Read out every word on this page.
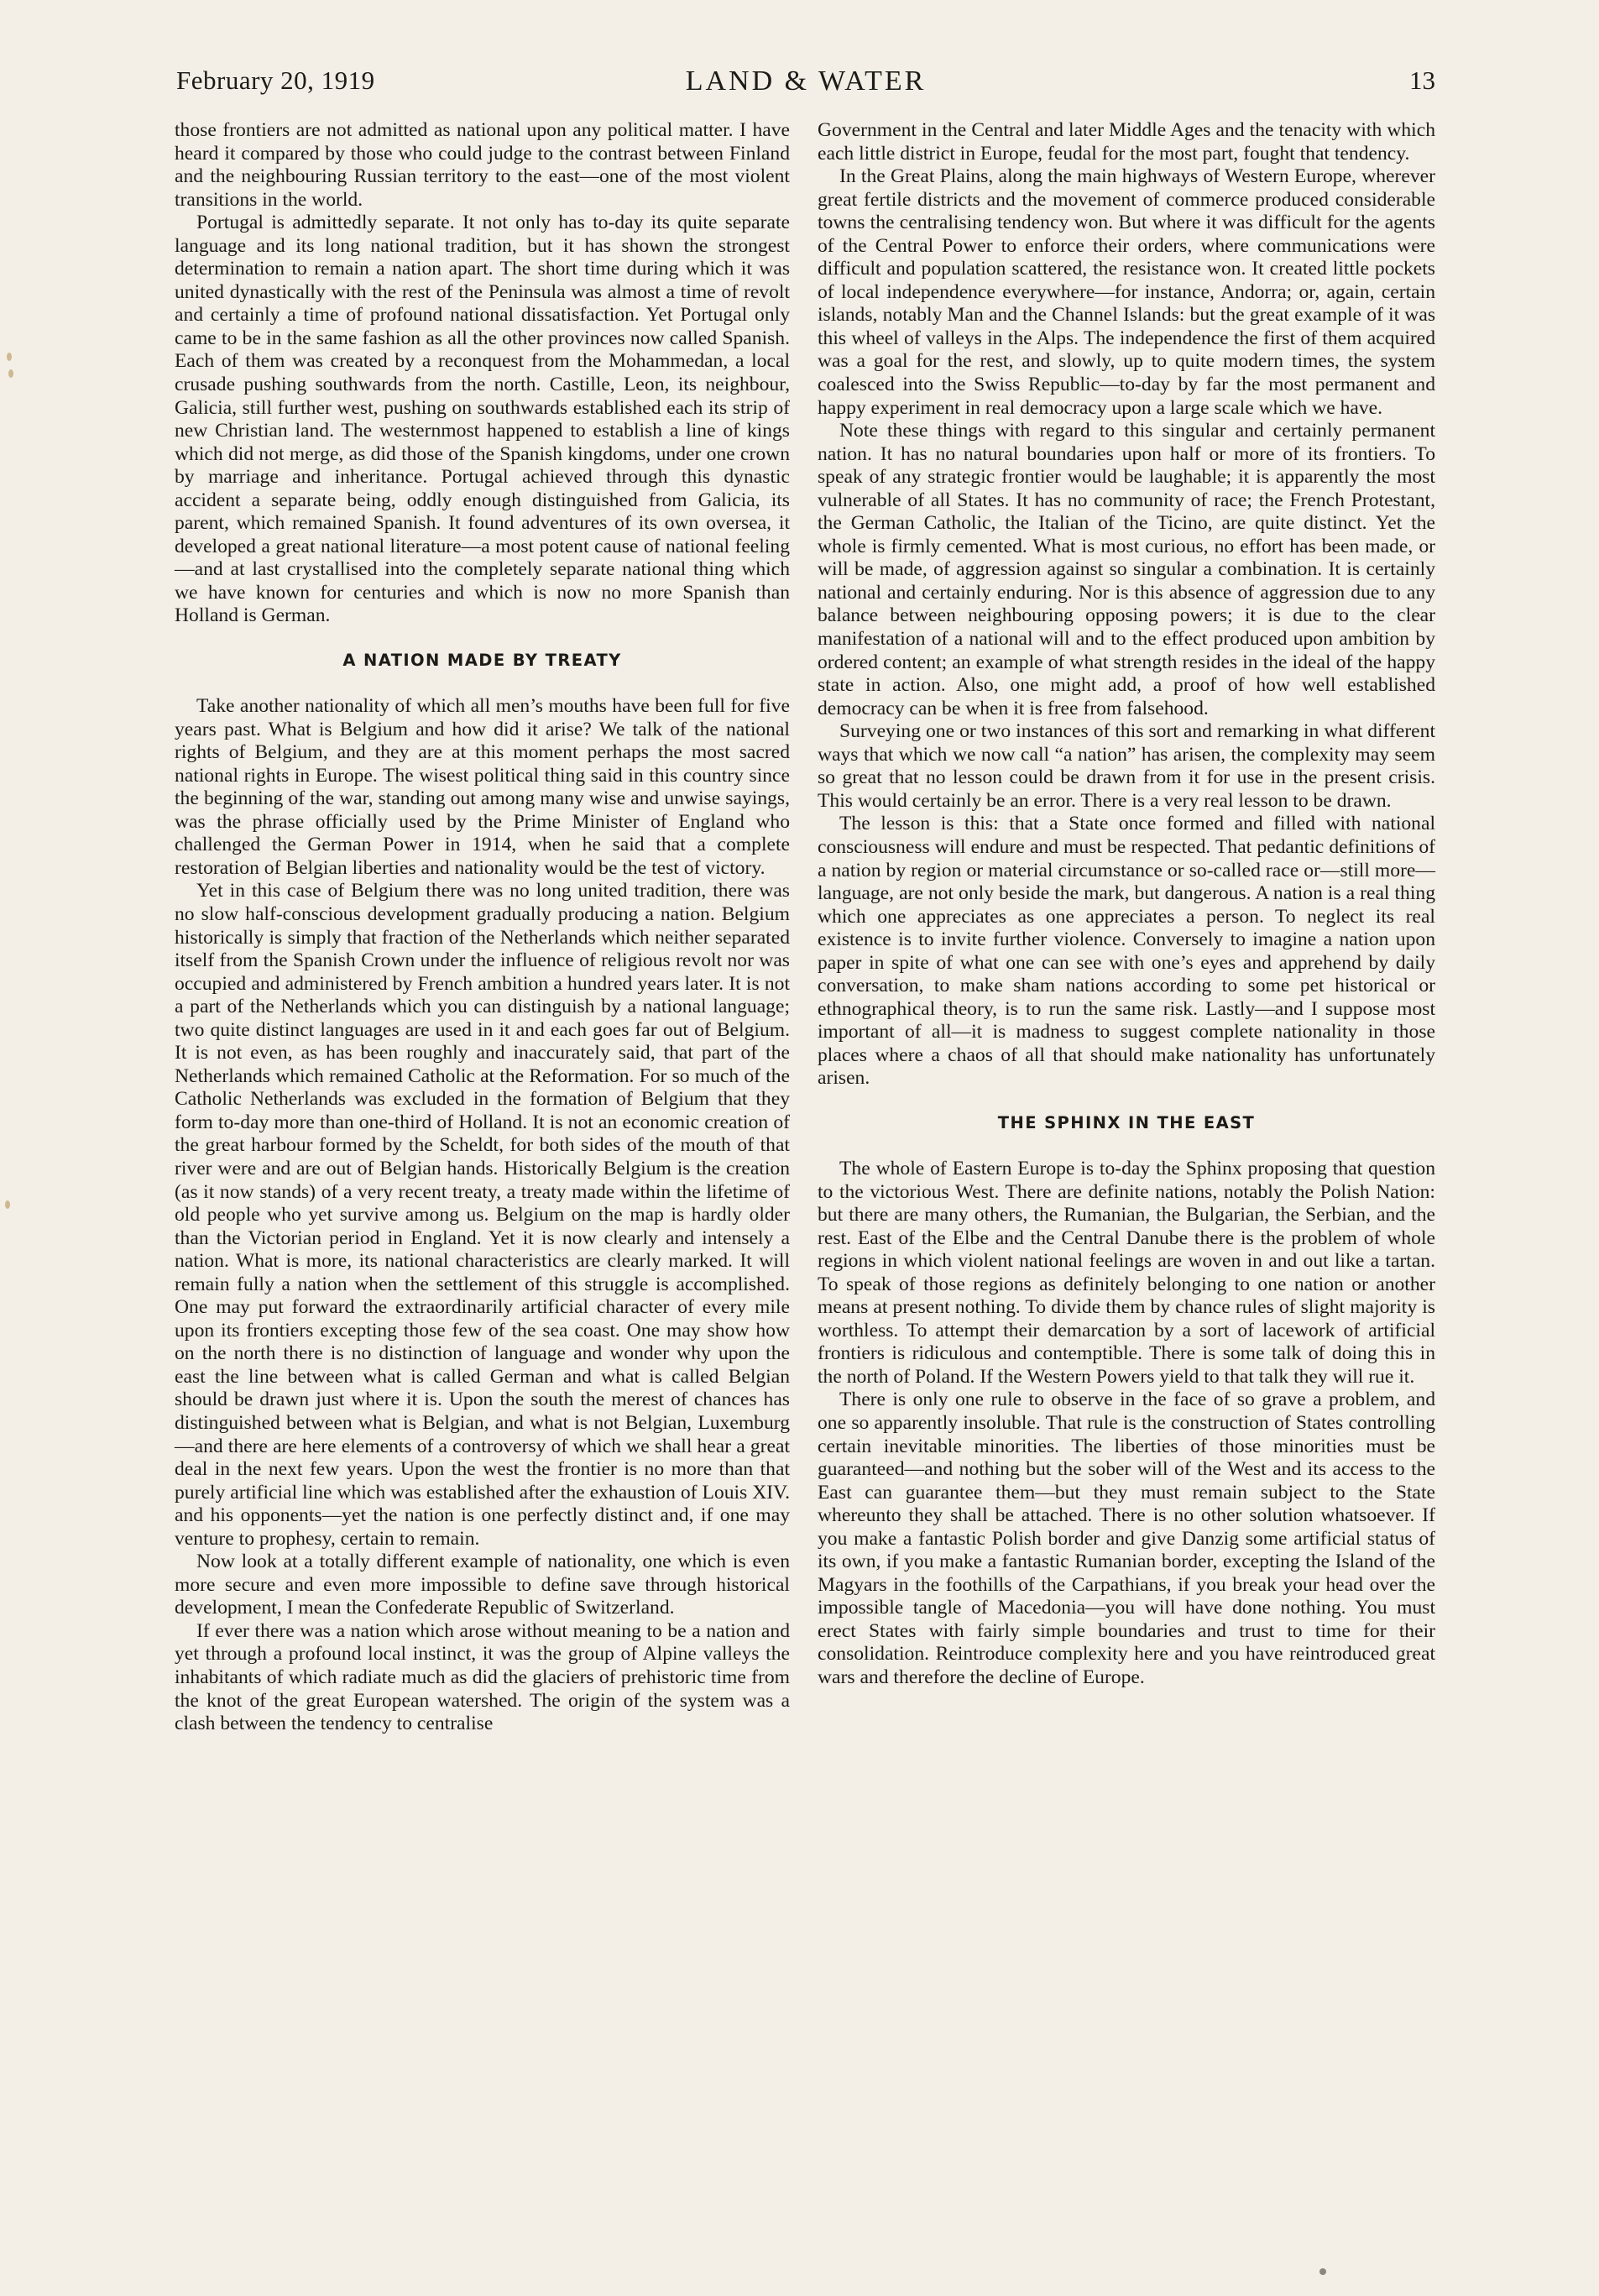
February 20, 1919	LAND & WATER	13

those frontiers are not admitted as national upon any political matter. I have heard it compared by those who could judge to the contrast between Finland and the neighbouring Russian territory to the east—one of the most violent transitions in the world.

Portugal is admittedly separate. It not only has to-day its quite separate language and its long national tradition, but it has shown the strongest determination to remain a nation apart. The short time during which it was united dynastically with the rest of the Peninsula was almost a time of revolt and certainly a time of profound national dissatisfaction. Yet Portugal only came to be in the same fashion as all the other provinces now called Spanish. Each of them was created by a reconquest from the Mohammedan, a local crusade pushing southwards from the north. Castille, Leon, its neighbour, Galicia, still further west, pushing on southwards established each its strip of new Christian land. The westernmost happened to establish a line of kings which did not merge, as did those of the Spanish kingdoms, under one crown by marriage and inheritance. Portugal achieved through this dynastic accident a separate being, oddly enough distinguished from Galicia, its parent, which remained Spanish. It found adventures of its own oversea, it developed a great national literature—a most potent cause of national feeling—and at last crystallised into the completely separate national thing which we have known for centuries and which is now no more Spanish than Holland is German.

A NATION MADE BY TREATY

Take another nationality of which all men’s mouths have been full for five years past. What is Belgium and how did it arise? We talk of the national rights of Belgium, and they are at this moment perhaps the most sacred national rights in Europe. The wisest political thing said in this country since the beginning of the war, standing out among many wise and unwise sayings, was the phrase officially used by the Prime Minister of England who challenged the German Power in 1914, when he said that a complete restoration of Belgian liberties and nationality would be the test of victory.

Yet in this case of Belgium there was no long united tradition, there was no slow half-conscious development gradually producing a nation. Belgium historically is simply that fraction of the Netherlands which neither separated itself from the Spanish Crown under the influence of religious revolt nor was occupied and administered by French ambition a hundred years later. It is not a part of the Netherlands which you can distinguish by a national language; two quite distinct languages are used in it and each goes far out of Belgium. It is not even, as has been roughly and inaccurately said, that part of the Netherlands which remained Catholic at the Reformation. For so much of the Catholic Netherlands was excluded in the formation of Belgium that they form to-day more than one-third of Holland. It is not an economic creation of the great harbour formed by the Scheldt, for both sides of the mouth of that river were and are out of Belgian hands. Historically Belgium is the creation (as it now stands) of a very recent treaty, a treaty made within the lifetime of old people who yet survive among us. Belgium on the map is hardly older than the Victorian period in England. Yet it is now clearly and intensely a nation. What is more, its national characteristics are clearly marked. It will remain fully a nation when the settlement of this struggle is accomplished. One may put forward the extraordinarily artificial character of every mile upon its frontiers excepting those few of the sea coast. One may show how on the north there is no distinction of language and wonder why upon the east the line between what is called German and what is called Belgian should be drawn just where it is. Upon the south the merest of chances has distinguished between what is Belgian, and what is not Belgian, Luxemburg—and there are here elements of a controversy of which we shall hear a great deal in the next few years. Upon the west the frontier is no more than that purely artificial line which was established after the exhaustion of Louis XIV. and his opponents—yet the nation is one perfectly distinct and, if one may venture to prophesy, certain to remain.

Now look at a totally different example of nationality, one which is even more secure and even more impossible to define save through historical development, I mean the Confederate Republic of Switzerland.

If ever there was a nation which arose without meaning to be a nation and yet through a profound local instinct, it was the group of Alpine valleys the inhabitants of which radiate much as did the glaciers of prehistoric time from the knot of the great European watershed. The origin of the system was a clash between the tendency to centralise

Government in the Central and later Middle Ages and the tenacity with which each little district in Europe, feudal for the most part, fought that tendency.

In the Great Plains, along the main highways of Western Europe, wherever great fertile districts and the movement of commerce produced considerable towns the centralising tendency won. But where it was difficult for the agents of the Central Power to enforce their orders, where communications were difficult and population scattered, the resistance won. It created little pockets of local independence everywhere—for instance, Andorra; or, again, certain islands, notably Man and the Channel Islands: but the great example of it was this wheel of valleys in the Alps. The independence the first of them acquired was a goal for the rest, and slowly, up to quite modern times, the system coalesced into the Swiss Republic—to-day by far the most permanent and happy experiment in real democracy upon a large scale which we have.

Note these things with regard to this singular and certainly permanent nation. It has no natural boundaries upon half or more of its frontiers. To speak of any strategic frontier would be laughable; it is apparently the most vulnerable of all States. It has no community of race; the French Protestant, the German Catholic, the Italian of the Ticino, are quite distinct. Yet the whole is firmly cemented. What is most curious, no effort has been made, or will be made, of aggression against so singular a combination. It is certainly national and certainly enduring. Nor is this absence of aggression due to any balance between neighbouring opposing powers; it is due to the clear manifestation of a national will and to the effect produced upon ambition by ordered content; an example of what strength resides in the ideal of the happy state in action. Also, one might add, a proof of how well established democracy can be when it is free from falsehood.

Surveying one or two instances of this sort and remarking in what different ways that which we now call “a nation” has arisen, the complexity may seem so great that no lesson could be drawn from it for use in the present crisis. This would certainly be an error. There is a very real lesson to be drawn.

The lesson is this: that a State once formed and filled with national consciousness will endure and must be respected. That pedantic definitions of a nation by region or material circumstance or so-called race or—still more—language, are not only beside the mark, but dangerous. A nation is a real thing which one appreciates as one appreciates a person. To neglect its real existence is to invite further violence. Conversely to imagine a nation upon paper in spite of what one can see with one’s eyes and apprehend by daily conversation, to make sham nations according to some pet historical or ethnographical theory, is to run the same risk. Lastly—and I suppose most important of all—it is madness to suggest complete nationality in those places where a chaos of all that should make nationality has unfortunately arisen.

THE SPHINX IN THE EAST

The whole of Eastern Europe is to-day the Sphinx proposing that question to the victorious West. There are definite nations, notably the Polish Nation: but there are many others, the Rumanian, the Bulgarian, the Serbian, and the rest. East of the Elbe and the Central Danube there is the problem of whole regions in which violent national feelings are woven in and out like a tartan. To speak of those regions as definitely belonging to one nation or another means at present nothing. To divide them by chance rules of slight majority is worthless. To attempt their demarcation by a sort of lacework of artificial frontiers is ridiculous and contemptible. There is some talk of doing this in the north of Poland. If the Western Powers yield to that talk they will rue it.

There is only one rule to observe in the face of so grave a problem, and one so apparently insoluble. That rule is the construction of States controlling certain inevitable minorities. The liberties of those minorities must be guaranteed—and nothing but the sober will of the West and its access to the East can guarantee them—but they must remain subject to the State whereunto they shall be attached. There is no other solution whatsoever. If you make a fantastic Polish border and give Danzig some artificial status of its own, if you make a fantastic Rumanian border, excepting the Island of the Magyars in the foothills of the Carpathians, if you break your head over the impossible tangle of Macedonia—you will have done nothing. You must erect States with fairly simple boundaries and trust to time for their consolidation. Reintroduce complexity here and you have reintroduced great wars and therefore the decline of Europe.
